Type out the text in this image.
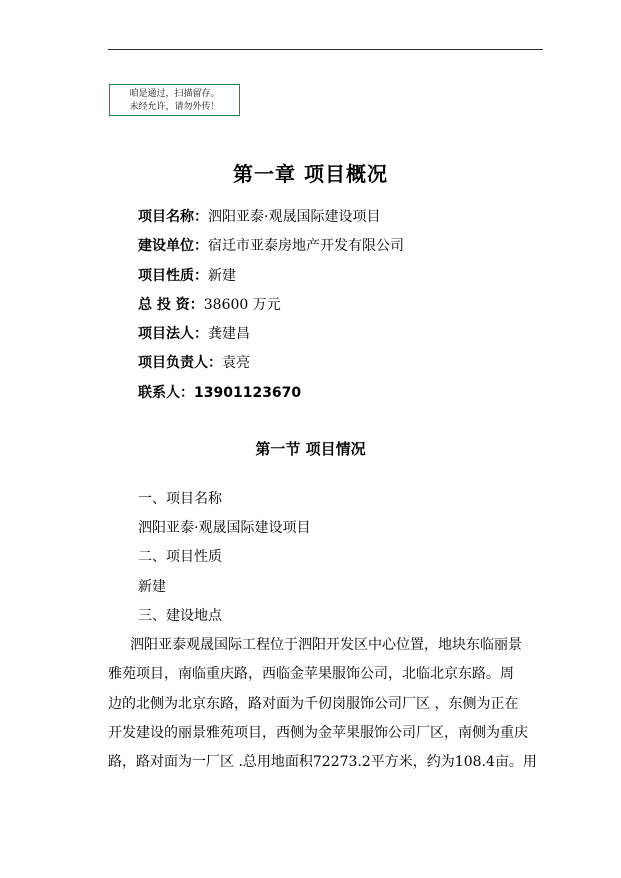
咱是通过，扫描留存。
未经允许，请勿外传！
第一章 项目概况
项目名称：泗阳亚泰·观晟国际建设项目
建设单位：宿迁市亚泰房地产开发有限公司
项目性质：新建
总 投 资：38600 万元
项目法人：龚建昌
项目负责人：袁亮
联系人：13901123670
第一节 项目情况
一、项目名称
泗阳亚泰·观晟国际建设项目
二、项目性质
新建
三、建设地点
泗阳亚泰观晟国际工程位于泗阳开发区中心位置，地块东临丽景
雅苑项目，南临重庆路，西临金苹果服饰公司，北临北京东路。周
边的北侧为北京东路，路对面为千仞岗服饰公司厂区 ，东侧为正在
开发建设的丽景雅苑项目，西侧为金苹果服饰公司厂区，南侧为重庆
路，路对面为一厂区 .总用地面积72273.2平方米，约为108.4亩。用
